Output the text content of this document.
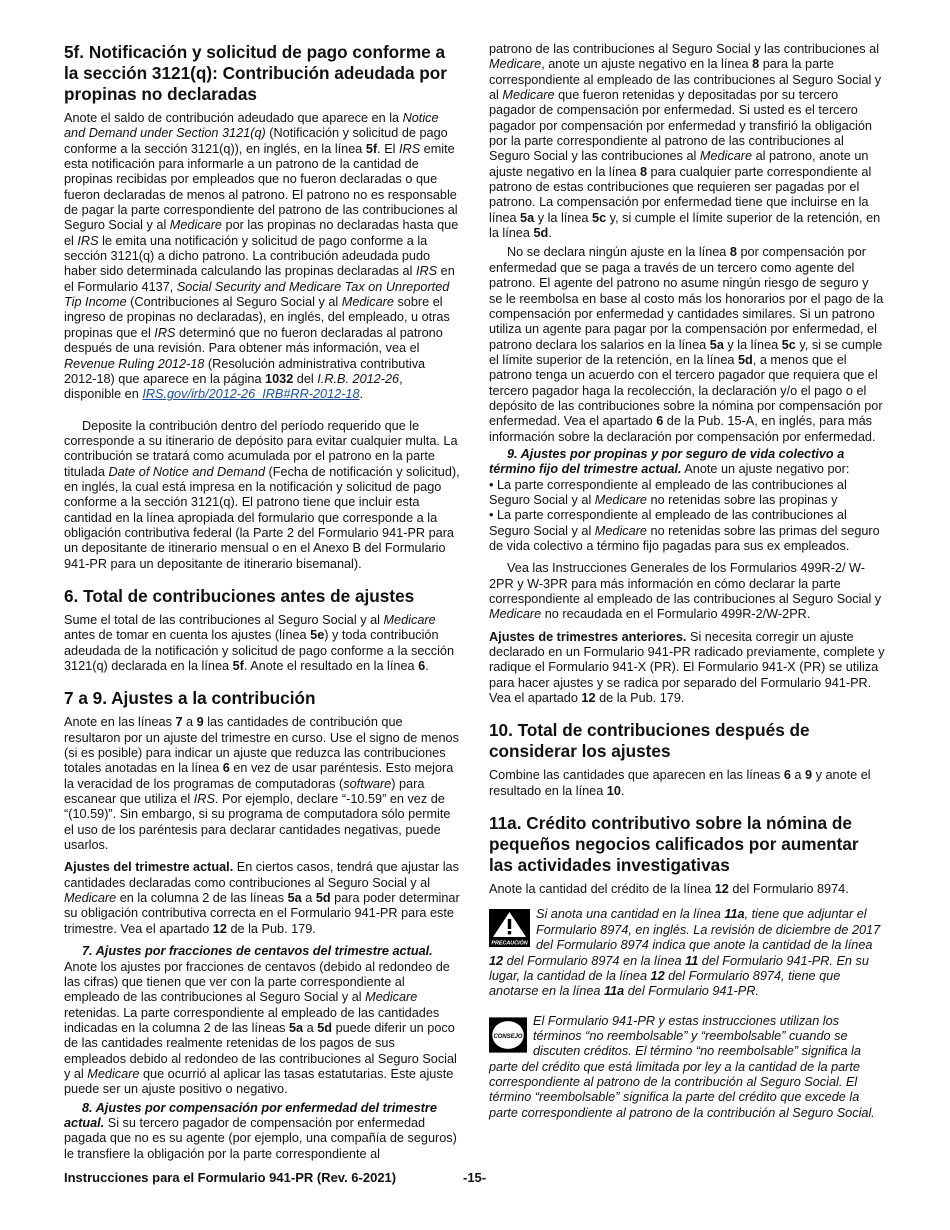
5f. Notificación y solicitud de pago conforme a la sección 3121(q): Contribución adeudada por propinas no declaradas

Anote el saldo de contribución adeudado que aparece en la Notice and Demand under Section 3121(q) (Notificación y solicitud de pago conforme a la sección 3121(q)), en inglés, en la línea 5f. El IRS emite esta notificación para informarle a un patrono de la cantidad de propinas recibidas por empleados que no fueron declaradas o que fueron declaradas de menos al patrono. El patrono no es responsable de pagar la parte correspondiente del patrono de las contribuciones al Seguro Social y al Medicare por las propinas no declaradas hasta que el IRS le emita una notificación y solicitud de pago conforme a la sección 3121(q) a dicho patrono. La contribución adeudada pudo haber sido determinada calculando las propinas declaradas al IRS en el Formulario 4137, Social Security and Medicare Tax on Unreported Tip Income (Contribuciones al Seguro Social y al Medicare sobre el ingreso de propinas no declaradas), en inglés, del empleado, u otras propinas que el IRS determinó que no fueron declaradas al patrono después de una revisión. Para obtener más información, vea el Revenue Ruling 2012-18 (Resolución administrativa contributiva 2012-18) que aparece en la página 1032 del I.R.B. 2012-26, disponible en IRS.gov/irb/2012-26_IRB#RR-2012-18.

Deposite la contribución dentro del período requerido que le corresponde a su itinerario de depósito para evitar cualquier multa. La contribución se tratará como acumulada por el patrono en la parte titulada Date of Notice and Demand (Fecha de notificación y solicitud), en inglés, la cual está impresa en la notificación y solicitud de pago conforme a la sección 3121(q). El patrono tiene que incluir esta cantidad en la línea apropiada del formulario que corresponde a la obligación contributiva federal (la Parte 2 del Formulario 941-PR para un depositante de itinerario mensual o en el Anexo B del Formulario 941-PR para un depositante de itinerario bisemanal).

6. Total de contribuciones antes de ajustes

Sume el total de las contribuciones al Seguro Social y al Medicare antes de tomar en cuenta los ajustes (línea 5e) y toda contribución adeudada de la notificación y solicitud de pago conforme a la sección 3121(q) declarada en la línea 5f. Anote el resultado en la línea 6.

7 a 9. Ajustes a la contribución

Anote en las líneas 7 a 9 las cantidades de contribución que resultaron por un ajuste del trimestre en curso. Use el signo de menos (si es posible) para indicar un ajuste que reduzca las contribuciones totales anotadas en la línea 6 en vez de usar paréntesis. Esto mejora la veracidad de los programas de computadoras (software) para escanear que utiliza el IRS. Por ejemplo, declare “-10.59” en vez de “(10.59)”. Sin embargo, si su programa de computadora sólo permite el uso de los paréntesis para declarar cantidades negativas, puede usarlos.

Ajustes del trimestre actual. En ciertos casos, tendrá que ajustar las cantidades declaradas como contribuciones al Seguro Social y al Medicare en la columna 2 de las líneas 5a a 5d para poder determinar su obligación contributiva correcta en el Formulario 941-PR para este trimestre. Vea el apartado 12 de la Pub. 179.

7. Ajustes por fracciones de centavos del trimestre actual. Anote los ajustes por fracciones de centavos (debido al redondeo de las cifras) que tienen que ver con la parte correspondiente al empleado de las contribuciones al Seguro Social y al Medicare retenidas. La parte correspondiente al empleado de las cantidades indicadas en la columna 2 de las líneas 5a a 5d puede diferir un poco de las cantidades realmente retenidas de los pagos de sus empleados debido al redondeo de las contribuciones al Seguro Social y al Medicare que ocurrió al aplicar las tasas estatutarias. Este ajuste puede ser un ajuste positivo o negativo.

8. Ajustes por compensación por enfermedad del trimestre actual. Si su tercero pagador de compensación por enfermedad pagada que no es su agente (por ejemplo, una compañía de seguros) le transfiere la obligación por la parte correspondiente al

patrono de las contribuciones al Seguro Social y las contribuciones al Medicare, anote un ajuste negativo en la línea 8 para la parte correspondiente al empleado de las contribuciones al Seguro Social y al Medicare que fueron retenidas y depositadas por su tercero pagador de compensación por enfermedad. Si usted es el tercero pagador por compensación por enfermedad y transfirió la obligación por la parte correspondiente al patrono de las contribuciones al Seguro Social y las contribuciones al Medicare al patrono, anote un ajuste negativo en la línea 8 para cualquier parte correspondiente al patrono de estas contribuciones que requieren ser pagadas por el patrono. La compensación por enfermedad tiene que incluirse en la línea 5a y la línea 5c y, si cumple el límite superior de la retención, en la línea 5d.

No se declara ningún ajuste en la línea 8 por compensación por enfermedad que se paga a través de un tercero como agente del patrono. El agente del patrono no asume ningún riesgo de seguro y se le reembolsa en base al costo más los honorarios por el pago de la compensación por enfermedad y cantidades similares. Si un patrono utiliza un agente para pagar por la compensación por enfermedad, el patrono declara los salarios en la línea 5a y la línea 5c y, si se cumple el límite superior de la retención, en la línea 5d, a menos que el patrono tenga un acuerdo con el tercero pagador que requiera que el tercero pagador haga la recolección, la declaración y/o el pago o el depósito de las contribuciones sobre la nómina por compensación por enfermedad. Vea el apartado 6 de la Pub. 15-A, en inglés, para más información sobre la declaración por compensación por enfermedad.

9. Ajustes por propinas y por seguro de vida colectivo a término fijo del trimestre actual. Anote un ajuste negativo por:

• La parte correspondiente al empleado de las contribuciones al Seguro Social y al Medicare no retenidas sobre las propinas y

• La parte correspondiente al empleado de las contribuciones al Seguro Social y al Medicare no retenidas sobre las primas del seguro de vida colectivo a término fijo pagadas para sus ex empleados.

Vea las Instrucciones Generales de los Formularios 499R-2/ W-2PR y W-3PR para más información en cómo declarar la parte correspondiente al empleado de las contribuciones al Seguro Social y Medicare no recaudada en el Formulario 499R-2/W-2PR.

Ajustes de trimestres anteriores. Si necesita corregir un ajuste declarado en un Formulario 941-PR radicado previamente, complete y radique el Formulario 941-X (PR). El Formulario 941-X (PR) se utiliza para hacer ajustes y se radica por separado del Formulario 941-PR. Vea el apartado 12 de la Pub. 179.

10. Total de contribuciones después de considerar los ajustes

Combine las cantidades que aparecen en las líneas 6 a 9 y anote el resultado en la línea 10.

11a. Crédito contributivo sobre la nómina de pequeños negocios calificados por aumentar las actividades investigativas

Anote la cantidad del crédito de la línea 12 del Formulario 8974.

PRECAUCIÓN
Si anota una cantidad en la línea 11a, tiene que adjuntar el Formulario 8974, en inglés. La revisión de diciembre de 2017 del Formulario 8974 indica que anote la cantidad de la línea 12 del Formulario 8974 en la línea 11 del Formulario 941-PR. En su lugar, la cantidad de la línea 12 del Formulario 8974, tiene que anotarse en la línea 11a del Formulario 941-PR.
CONSEJO
El Formulario 941-PR y estas instrucciones utilizan los términos “no reembolsable” y “reembolsable” cuando se discuten créditos. El término “no reembolsable” significa la parte del crédito que está limitada por ley a la cantidad de la parte correspondiente al patrono de la contribución al Seguro Social. El término “reembolsable” significa la parte del crédito que excede la parte correspondiente al patrono de la contribución al Seguro Social.
Instrucciones para el Formulario 941-PR (Rev. 6-2021)	-15-
